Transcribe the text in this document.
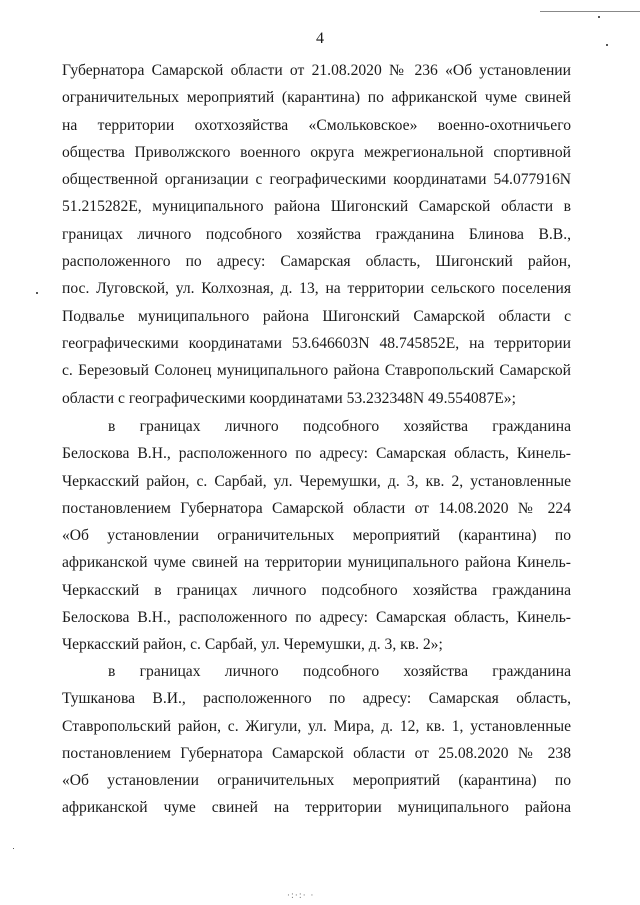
4
Губернатора Самарской области от 21.08.2020 № 236 «Об установлении
ограничительных мероприятий (карантина) по африканской чуме свиней
на территории охотхозяйства «Смольковское» военно-охотничьего
общества Приволжского военного округа межрегиональной спортивной
общественной организации с географическими координатами 54.077916N
51.215282E, муниципального района Шигонский Самарской области в
границах личного подсобного хозяйства гражданина Блинова В.В.,
расположенного по адресу: Самарская область, Шигонский район,
пос. Луговской, ул. Колхозная, д. 13, на территории сельского поселения
Подвалье муниципального района Шигонский Самарской области с
географическими координатами 53.646603N 48.745852E, на территории
с. Березовый Солонец муниципального района Ставропольский Самарской
области с географическими координатами 53.232348N 49.554087E»;
в границах личного подсобного хозяйства гражданина
Белоскова В.Н., расположенного по адресу: Самарская область, Кинель-
Черкасский район, с. Сарбай, ул. Черемушки, д. 3, кв. 2, установленные
постановлением Губернатора Самарской области от 14.08.2020 № 224
«Об установлении ограничительных мероприятий (карантина) по
африканской чуме свиней на территории муниципального района Кинель-
Черкасский в границах личного подсобного хозяйства гражданина
Белоскова В.Н., расположенного по адресу: Самарская область, Кинель-
Черкасский район, с. Сарбай, ул. Черемушки, д. 3, кв. 2»;
в границах личного подсобного хозяйства гражданина
Тушканова В.И., расположенного по адресу: Самарская область,
Ставропольский район, с. Жигули, ул. Мира, д. 12, кв. 1, установленные
постановлением Губернатора Самарской области от 25.08.2020 № 238
«Об установлении ограничительных мероприятий (карантина) по
африканской чуме свиней на территории муниципального района
·:·:· ·
